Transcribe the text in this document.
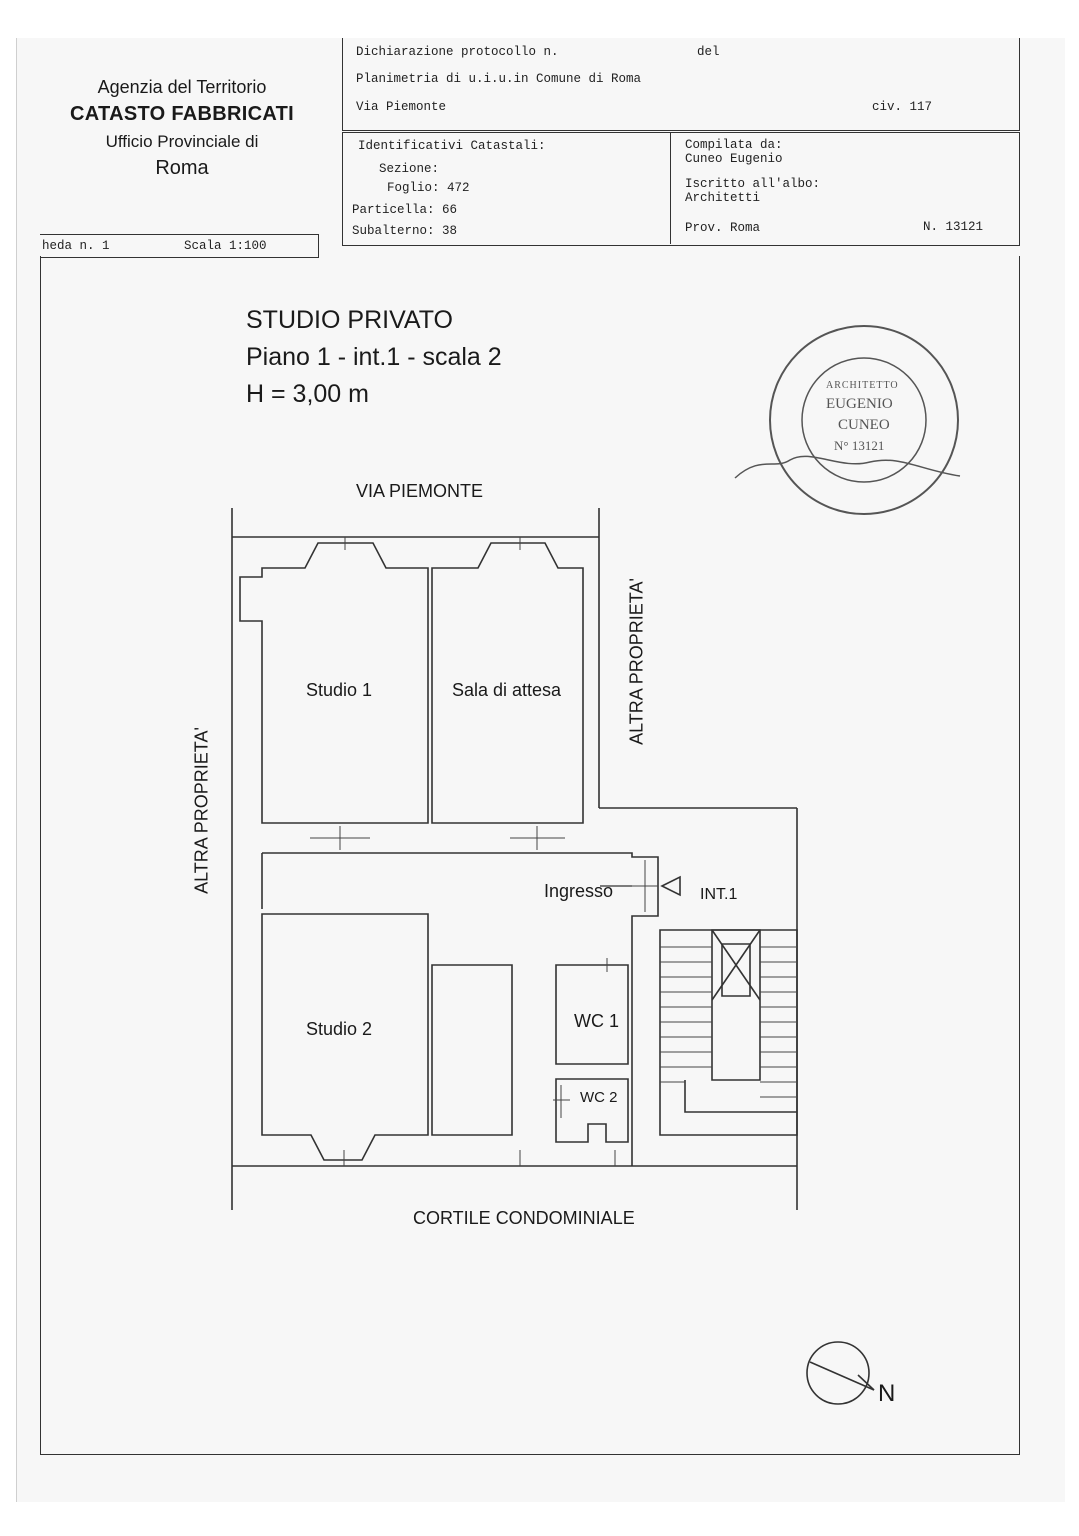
Agenzia del Territorio
CATASTO FABBRICATI
Ufficio Provinciale di
Roma
heda n. 1	Scala 1:100
Dichiarazione protocollo n.	del
Planimetria di u.i.u.in Comune di Roma
Via Piemonte	civ. 117
Identificativi Catastali:
Sezione:
Foglio: 472
Particella: 66
Subalterno: 38
Compilata da:
Cuneo Eugenio
Iscritto all'albo:
Architetti
Prov. Roma	N. 13121
STUDIO PRIVATO
Piano 1 - int.1 - scala 2
H = 3,00 m	ARCHITETTO
EUGENIO
CUNEO
N° 13121
VIA PIEMONTE
CORTILE CONDOMINIALE
Studio 1	Sala di attesa
Ingresso	INT.1
Studio 2	WC 1
WC 2
ALTRA PROPRIETA'
ALTRA PROPRIETA'
N
